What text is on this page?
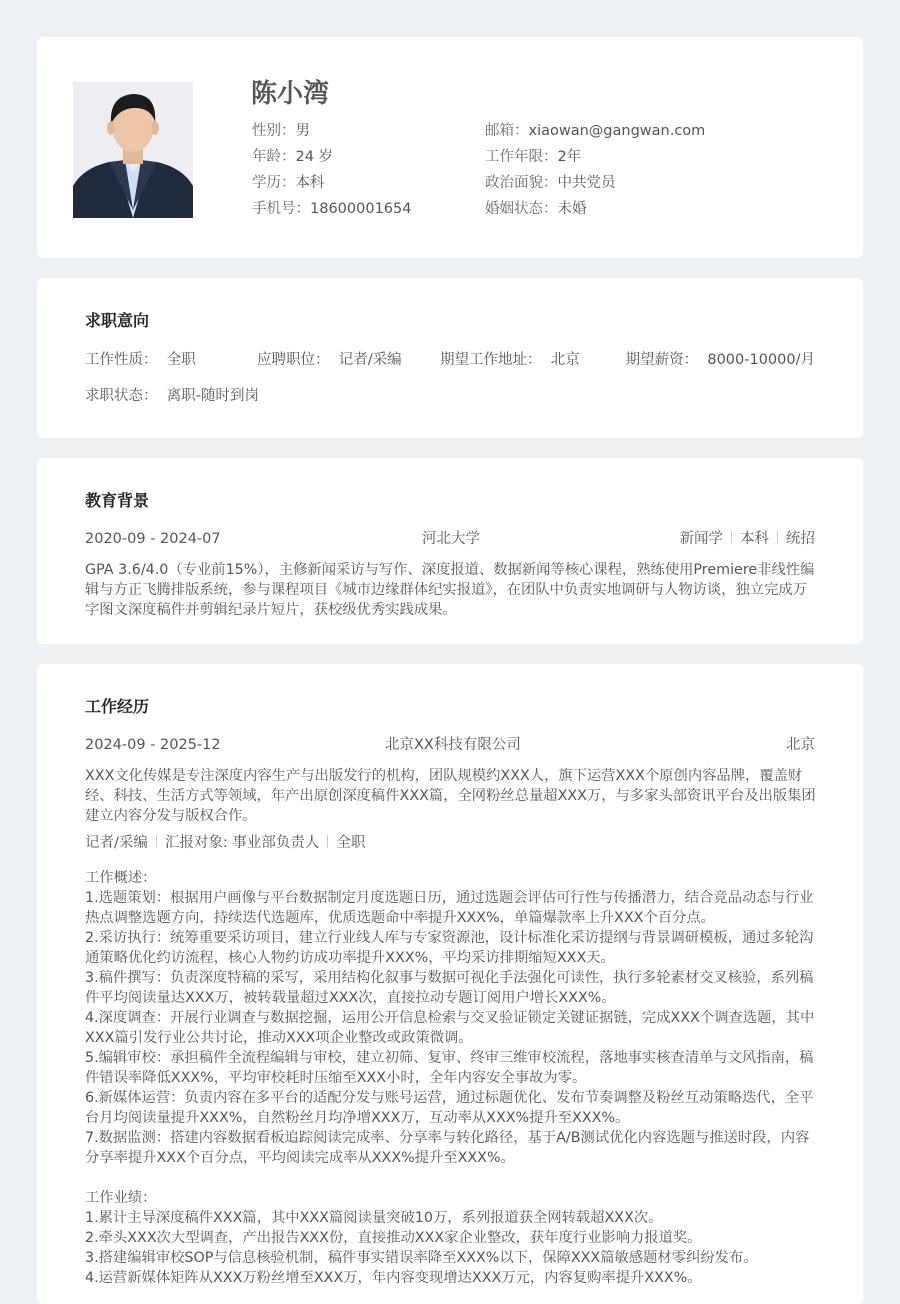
陈小湾
性别：男
年龄：24 岁
学历：本科
手机号：18600001654
邮箱：xiaowan@gangwan.com
工作年限：2年
政治面貌：中共党员
婚姻状态：未婚
求职意向
工作性质： 全职	应聘职位： 记者/采编	期望工作地址： 北京	期望薪资： 8000-10000/月
求职状态： 离职-随时到岗
教育背景
2020-09 - 2024-07	河北大学	新闻学 本科 统招
GPA 3.6/4.0（专业前15%），主修新闻采访与写作、深度报道、数据新闻等核心课程，熟练使用Premiere非线性编辑与方正飞腾排版系统，参与课程项目《城市边缘群体纪实报道》，在团队中负责实地调研与人物访谈，独立完成万字图文深度稿件并剪辑纪录片短片，获校级优秀实践成果。
工作经历
2024-09 - 2025-12	北京XX科技有限公司	北京
XXX文化传媒是专注深度内容生产与出版发行的机构，团队规模约XXX人，旗下运营XXX个原创内容品牌，覆盖财经、科技、生活方式等领域，年产出原创深度稿件XXX篇，全网粉丝总量超XXX万，与多家头部资讯平台及出版集团建立内容分发与版权合作。
记者/采编 汇报对象: 事业部负责人 全职
工作概述：
1.选题策划：根据用户画像与平台数据制定月度选题日历，通过选题会评估可行性与传播潜力，结合竞品动态与行业热点调整选题方向，持续迭代选题库，优质选题命中率提升XXX%，单篇爆款率上升XXX个百分点。
2.采访执行：统筹重要采访项目，建立行业线人库与专家资源池，设计标准化采访提纲与背景调研模板，通过多轮沟通策略优化约访流程，核心人物约访成功率提升XXX%，平均采访排期缩短XXX天。
3.稿件撰写：负责深度特稿的采写，采用结构化叙事与数据可视化手法强化可读性，执行多轮素材交叉核验，系列稿件平均阅读量达XXX万，被转载量超过XXX次，直接拉动专题订阅用户增长XXX%。
4.深度调查：开展行业调查与数据挖掘，运用公开信息检索与交叉验证锁定关键证据链，完成XXX个调查选题，其中XXX篇引发行业公共讨论，推动XXX项企业整改或政策微调。
5.编辑审校：承担稿件全流程编辑与审校，建立初筛、复审、终审三维审校流程，落地事实核查清单与文风指南，稿件错误率降低XXX%，平均审校耗时压缩至XXX小时，全年内容安全事故为零。
6.新媒体运营：负责内容在多平台的适配分发与账号运营，通过标题优化、发布节奏调整及粉丝互动策略迭代，全平台月均阅读量提升XXX%，自然粉丝月均净增XXX万，互动率从XXX%提升至XXX%。
7.数据监测：搭建内容数据看板追踪阅读完成率、分享率与转化路径，基于A/B测试优化内容选题与推送时段，内容分享率提升XXX个百分点，平均阅读完成率从XXX%提升至XXX%。
工作业绩：
1.累计主导深度稿件XXX篇，其中XXX篇阅读量突破10万，系列报道获全网转载超XXX次。
2.牵头XXX次大型调查，产出报告XXX份，直接推动XXX家企业整改，获年度行业影响力报道奖。
3.搭建编辑审校SOP与信息核验机制，稿件事实错误率降至XXX%以下，保障XXX篇敏感题材零纠纷发布。
4.运营新媒体矩阵从XXX万粉丝增至XXX万，年内容变现增达XXX万元，内容复购率提升XXX%。
